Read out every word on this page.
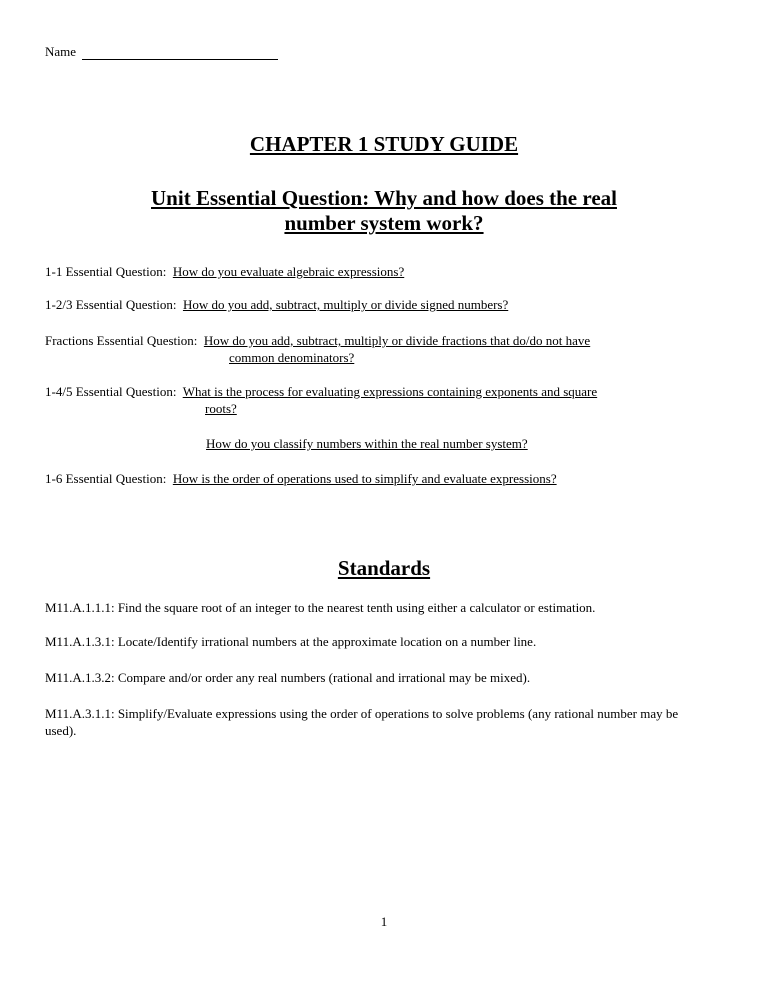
Name
CHAPTER 1 STUDY GUIDE
Unit Essential Question: Why and how does the real number system work?
1-1 Essential Question: How do you evaluate algebraic expressions?
1-2/3 Essential Question: How do you add, subtract, multiply or divide signed numbers?
Fractions Essential Question: How do you add, subtract, multiply or divide fractions that do/do not have
common denominators?
1-4/5 Essential Question: What is the process for evaluating expressions containing exponents and square
roots?
How do you classify numbers within the real number system?
1-6 Essential Question: How is the order of operations used to simplify and evaluate expressions?
Standards
M11.A.1.1.1: Find the square root of an integer to the nearest tenth using either a calculator or estimation.
M11.A.1.3.1: Locate/Identify irrational numbers at the approximate location on a number line.
M11.A.1.3.2: Compare and/or order any real numbers (rational and irrational may be mixed).
M11.A.3.1.1: Simplify/Evaluate expressions using the order of operations to solve problems (any rational number may be used).
1
